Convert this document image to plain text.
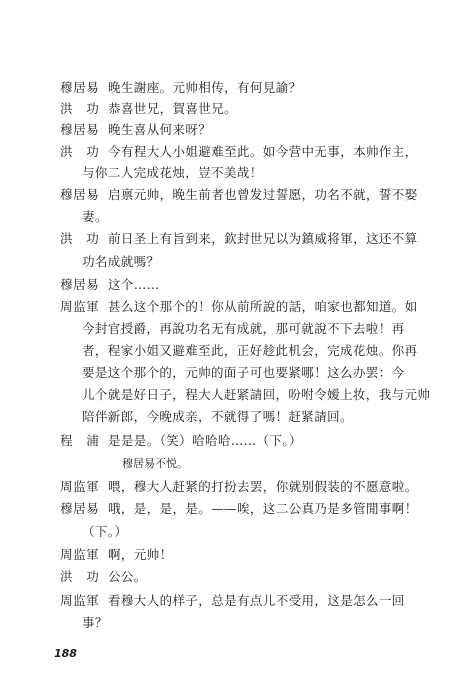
穆居易 晚生謝座。元帅相传，有何見諭？
洪　功 恭喜世兄，賀喜世兄。
穆居易 晚生喜从何来呀？
洪　功 今有程大人小姐避难至此。如今营中无事，本帅作主，
与你二人完成花烛，豈不美哉！
穆居易 启禀元帅，晚生前者也曾发过誓愿，功名不就，誓不娶
妻。
洪　功 前日圣上有旨到来，欽封世兄以为鎮威将軍，这还不算
功名成就嗎？
穆居易 这个……
周监軍 甚么这个那个的！你从前所說的話，咱家也都知道。如
今封官授爵，再說功名无有成就，那可就說不下去啦！再
者，程家小姐又避难至此，正好趁此机会，完成花烛。你再
要是这个那个的，元帅的面子可也要紧哪！这么办罢：今
儿个就是好日子，程大人赶紧請回，吩咐令嫒上妆，我与元帅
陪伴新郎，今晚成亲，不就得了嗎！赶紧請回。
程　浦 是是是。（笑）哈哈哈……（下。）
穆居易不悦。
周监軍 喂，穆大人赶紧的打扮去罢，你就别假装的不愿意啦。
穆居易 哦，是，是，是。——唉，这二公真乃是多管閒事啊！
（下。）
周监軍 啊，元帅！
洪　功 公公。
周监軍 看穆大人的样子，总是有点儿不受用，这是怎么一回
事？
188
